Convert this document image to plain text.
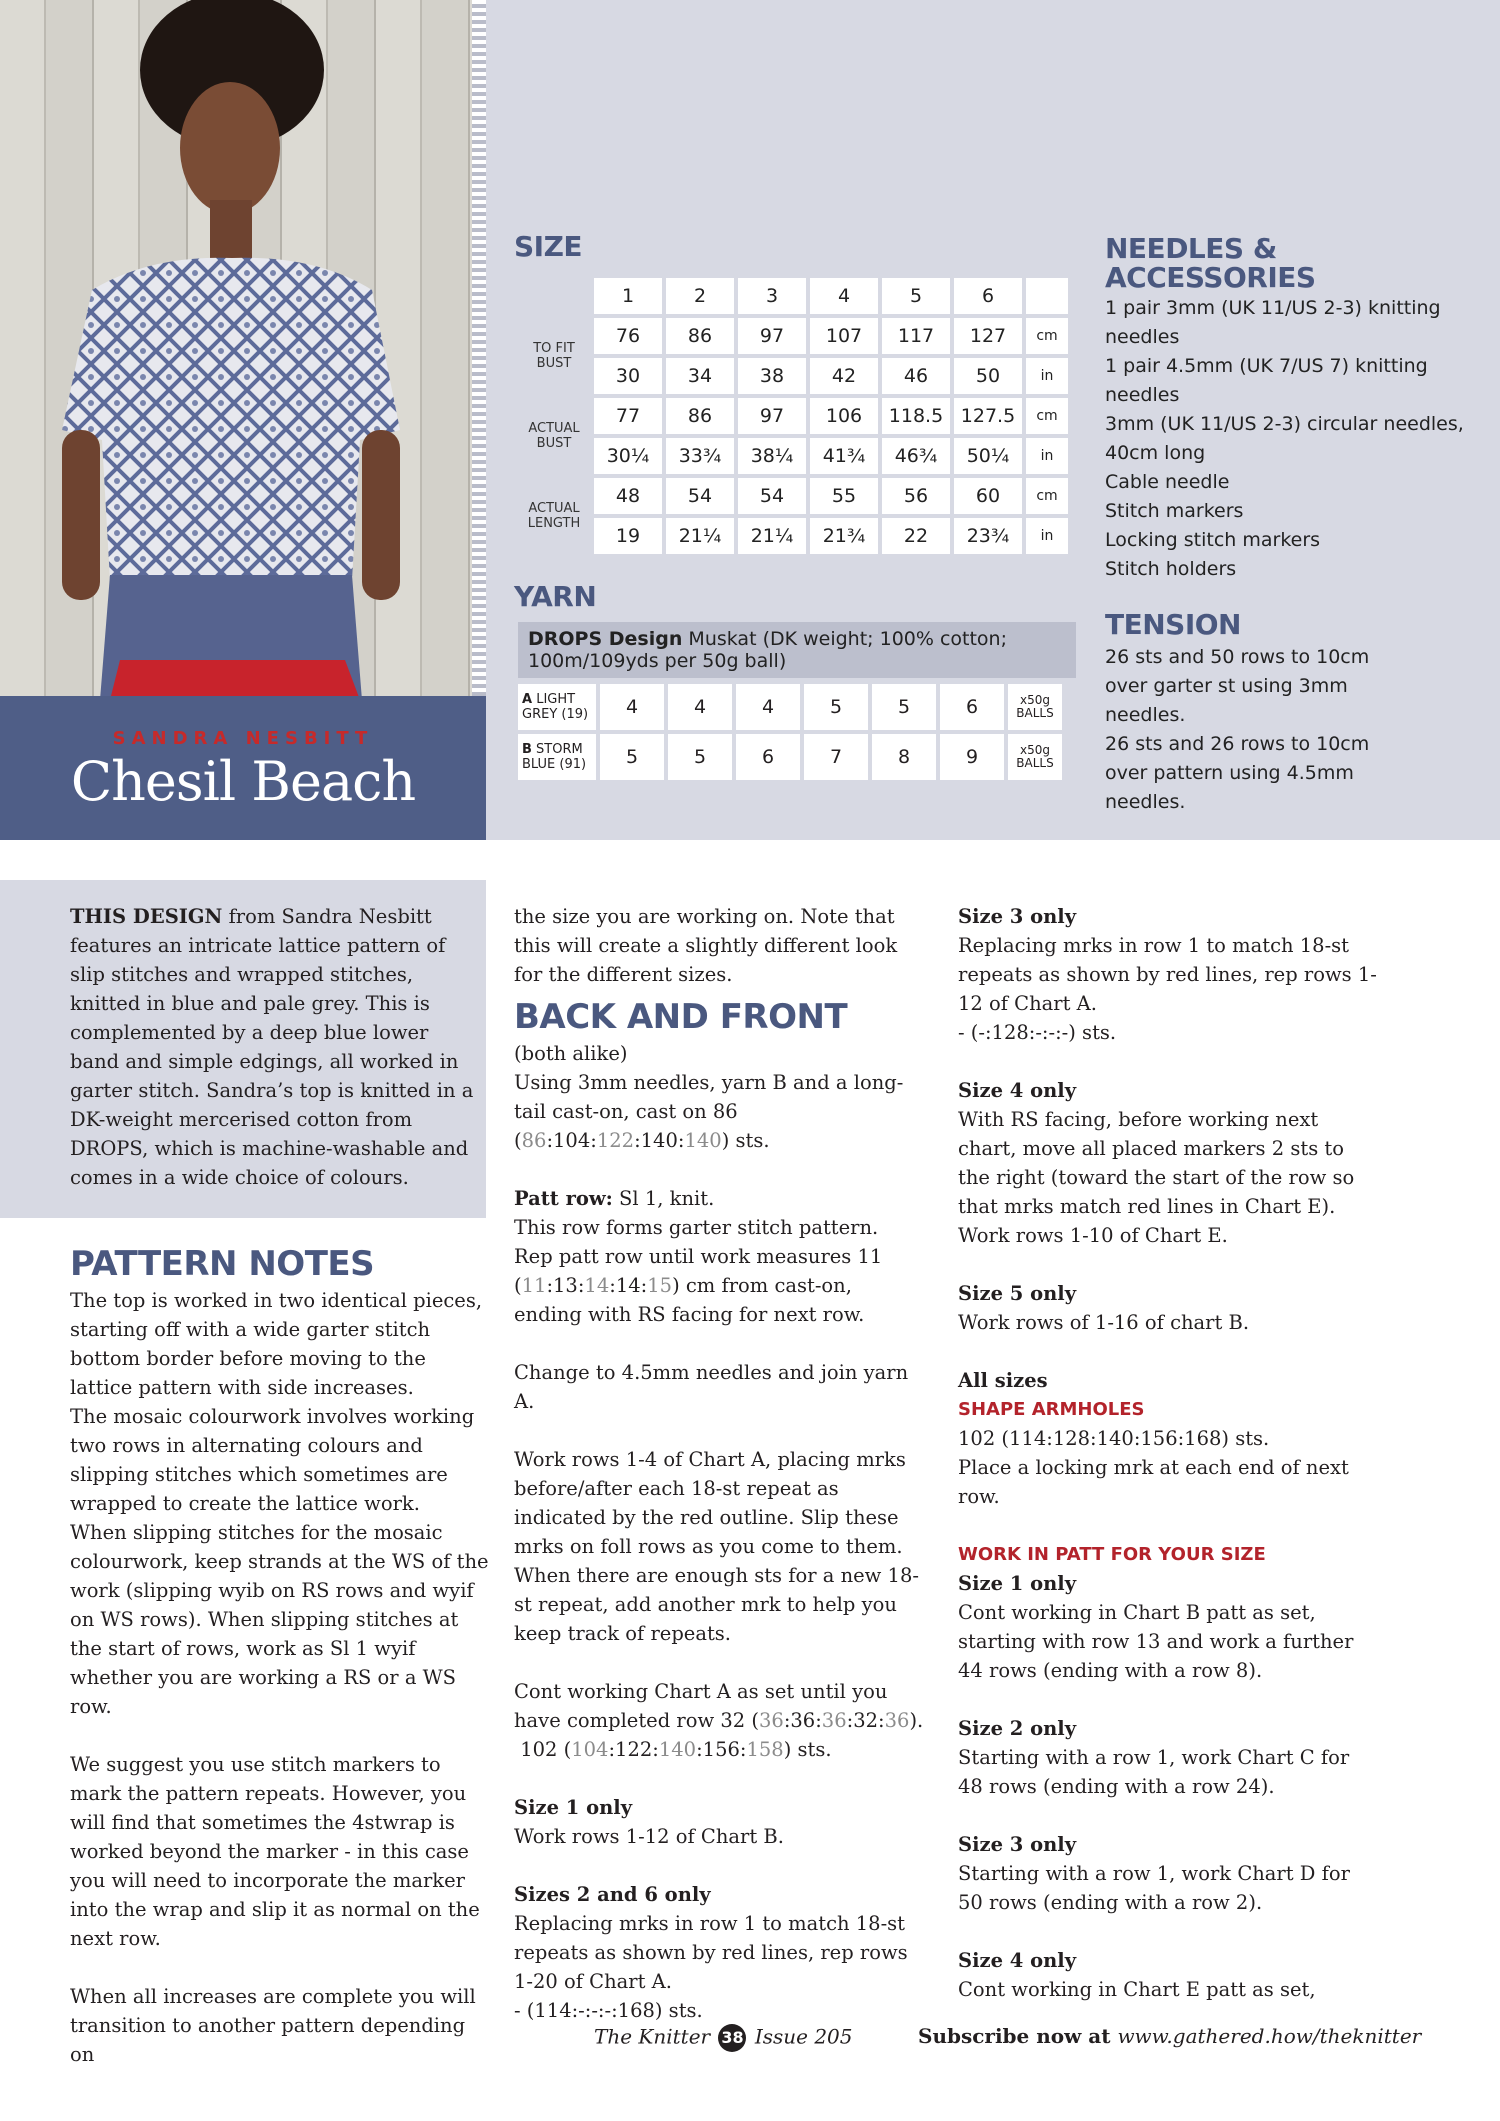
SANDRA NESBITT
Chesil Beach
SIZE
	1	2	3	4	5	6	
TO FIT BUST	76	86	97	107	117	127	cm
	30	34	38	42	46	50	in
ACTUAL BUST	77	86	97	106	118.5	127.5	cm
	30¼	33¾	38¼	41¾	46¾	50¼	in
ACTUAL LENGTH	48	54	54	55	56	60	cm
	19	21¼	21¼	21¾	22	23¾	in
YARN
DROPS Design Muskat (DK weight; 100% cotton; 100m/109yds per 50g ball)
A LIGHT GREY (19)	4	4	4	5	5	6	x50g BALLS
B STORM BLUE (91)	5	5	6	7	8	9	x50g BALLS
NEEDLES & ACCESSORIES
1 pair 3mm (UK 11/US 2-3) knitting needles
1 pair 4.5mm (UK 7/US 7) knitting needles
3mm (UK 11/US 2-3) circular needles, 40cm long
Cable needle
Stitch markers
Locking stitch markers
Stitch holders
TENSION
26 sts and 50 rows to 10cm over garter st using 3mm needles.
26 sts and 26 rows to 10cm over pattern using 4.5mm needles.

THIS DESIGN from Sandra Nesbitt features an intricate lattice pattern of slip stitches and wrapped stitches, knitted in blue and pale grey. This is complemented by a deep blue lower band and simple edgings, all worked in garter stitch. Sandra’s top is knitted in a DK-weight mercerised cotton from DROPS, which is machine-washable and comes in a wide choice of colours.

PATTERN NOTES

The top is worked in two identical pieces, starting off with a wide garter stitch bottom border before moving to the lattice pattern with side increases.

The mosaic colourwork involves working two rows in alternating colours and slipping stitches which sometimes are wrapped to create the lattice work.

When slipping stitches for the mosaic colourwork, keep strands at the WS of the work (slipping wyib on RS rows and wyif on WS rows). When slipping stitches at the start of rows, work as Sl 1 wyif whether you are working a RS or a WS row.

We suggest you use stitch markers to mark the pattern repeats. However, you will find that sometimes the 4stwrap is worked beyond the marker - in this case you will need to incorporate the marker into the wrap and slip it as normal on the next row.

When all increases are complete you will transition to another pattern depending on

the size you are working on. Note that this will create a slightly different look for the different sizes.

BACK AND FRONT

(both alike)

Using 3mm needles, yarn B and a long-tail cast-on, cast on 86 (86:104:122:140:140) sts.

Patt row: Sl 1, knit.

This row forms garter stitch pattern.

Rep patt row until work measures 11 (11:13:14:14:15) cm from cast-on, ending with RS facing for next row.

Change to 4.5mm needles and join yarn A.

Work rows 1-4 of Chart A, placing mrks before/after each 18-st repeat as indicated by the red outline. Slip these mrks on foll rows as you come to them. When there are enough sts for a new 18-st repeat, add another mrk to help you keep track of repeats.

Cont working Chart A as set until you have completed row 32 (36:36:36:32:36).

102 (104:122:140:156:158) sts.

Size 1 only

Work rows 1-12 of Chart B.

Sizes 2 and 6 only

Replacing mrks in row 1 to match 18-st repeats as shown by red lines, rep rows 1-20 of Chart A.

- (114:-:-:-:168) sts.

Size 3 only

Replacing mrks in row 1 to match 18-st repeats as shown by red lines, rep rows 1-12 of Chart A.

- (-:128:-:-:-) sts.

Size 4 only

With RS facing, before working next chart, move all placed markers 2 sts to the right (toward the start of the row so that mrks match red lines in Chart E).

Work rows 1-10 of Chart E.

Size 5 only

Work rows of 1-16 of chart B.

All sizes

SHAPE ARMHOLES

102 (114:128:140:156:168) sts.

Place a locking mrk at each end of next row.

WORK IN PATT FOR YOUR SIZE

Size 1 only

Cont working in Chart B patt as set, starting with row 13 and work a further 44 rows (ending with a row 8).

Size 2 only

Starting with a row 1, work Chart C for 48 rows (ending with a row 24).

Size 3 only

Starting with a row 1, work Chart D for 50 rows (ending with a row 2).

Size 4 only

Cont working in Chart E patt as set,

The Knitter 38 Issue 205	Subscribe now at www.gathered.how/theknitter
